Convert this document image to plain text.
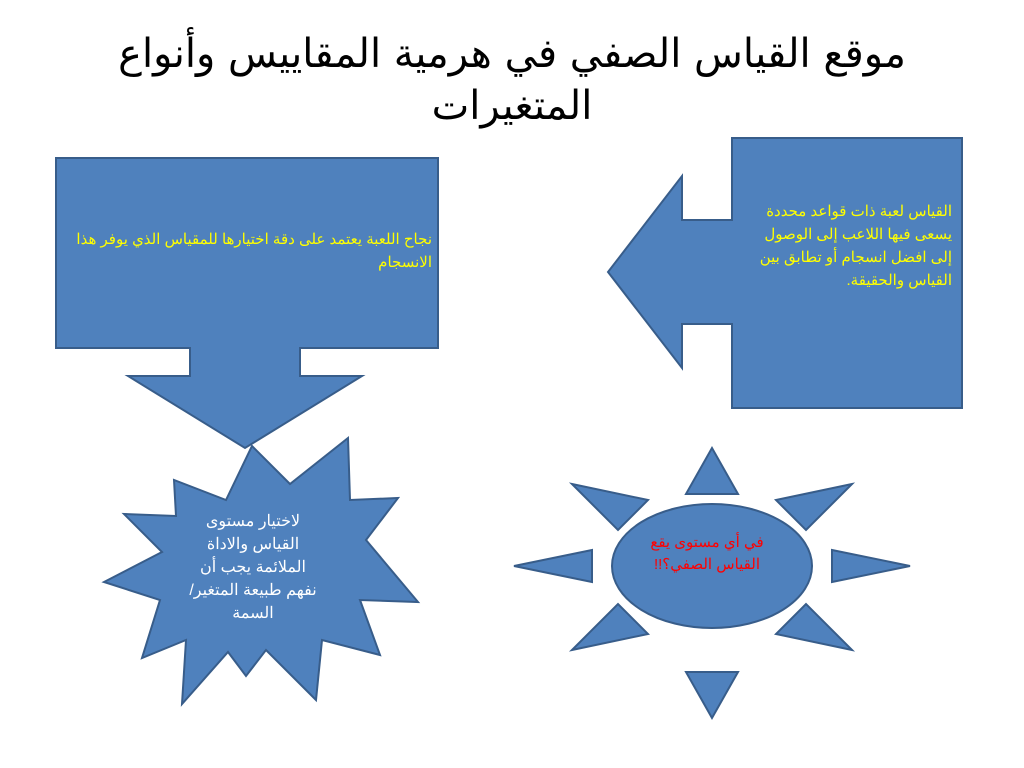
موقع القياس الصفي في هرمية المقاييس وأنواع المتغيرات
القياس لعبة ذات قواعد محددة يسعى فيها اللاعب إلى الوصول إلى افضل انسجام أو تطابق بين القياس والحقيقة.
نجاح اللعبة يعتمد على دقة اختيارها للمقياس الذي يوفر هذا الانسجام
لاختيار مستوى القياس والاداة الملائمة يجب أن نفهم طبيعة المتغير/ السمة
في أي مستوى يقع القياس الصفي؟!!
